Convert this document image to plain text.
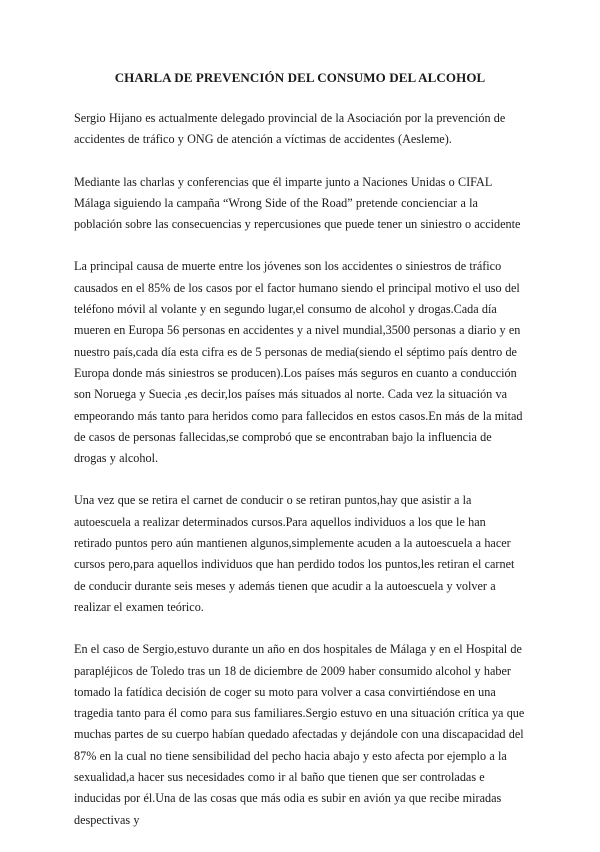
CHARLA DE PREVENCIÓN DEL CONSUMO DEL ALCOHOL

Sergio Hijano es actualmente delegado provincial de la Asociación por la prevención de accidentes de tráfico y ONG de atención a víctimas de accidentes (Aesleme).

Mediante las charlas y conferencias que él imparte junto a Naciones Unidas o CIFAL Málaga siguiendo la campaña “Wrong Side of the Road” pretende concienciar a la población sobre las consecuencias y repercusiones que puede tener un siniestro o accidente

La principal causa de muerte entre los jóvenes son los accidentes o siniestros de tráfico causados en el 85% de los casos por el factor humano siendo el principal motivo el uso del teléfono móvil al volante y en segundo lugar,el consumo de alcohol y drogas.Cada día mueren en Europa 56 personas en accidentes y a nivel mundial,3500 personas a diario y en nuestro país,cada día esta cifra es de 5 personas de media(siendo el séptimo país dentro de Europa donde más siniestros se producen).Los países más seguros en cuanto a conducción son Noruega y Suecia ,es decir,los países más situados al norte. Cada vez la situación va empeorando más tanto para heridos como para fallecidos en estos casos.En más de la mitad de casos de personas fallecidas,se comprobó que se encontraban bajo la influencia de drogas y alcohol.

Una vez que se retira el carnet de conducir o se retiran puntos,hay que asistir a la autoescuela a realizar determinados cursos.Para aquellos individuos a los que le han retirado puntos pero aún mantienen algunos,simplemente acuden a la autoescuela a hacer cursos pero,para aquellos individuos que han perdido todos los puntos,les retiran el carnet de conducir durante seis meses y además tienen que acudir a la autoescuela y volver a realizar el examen teórico.

En el caso de Sergio,estuvo durante un año en dos hospitales de Málaga y en el Hospital de parapléjicos de Toledo tras un 18 de diciembre de 2009 haber consumido alcohol y haber tomado la fatídica decisión de coger su moto para volver a casa convirtiéndose en una tragedia tanto para él como para sus familiares.Sergio estuvo en una situación crítica ya que muchas partes de su cuerpo habían quedado afectadas y dejándole con una discapacidad del 87% en la cual no tiene sensibilidad del pecho hacia abajo y esto afecta por ejemplo a la sexualidad,a hacer sus necesidades como ir al baño que tienen que ser controladas e inducidas por él.Una de las cosas que más odia es subir en avión ya que recibe miradas despectivas y
